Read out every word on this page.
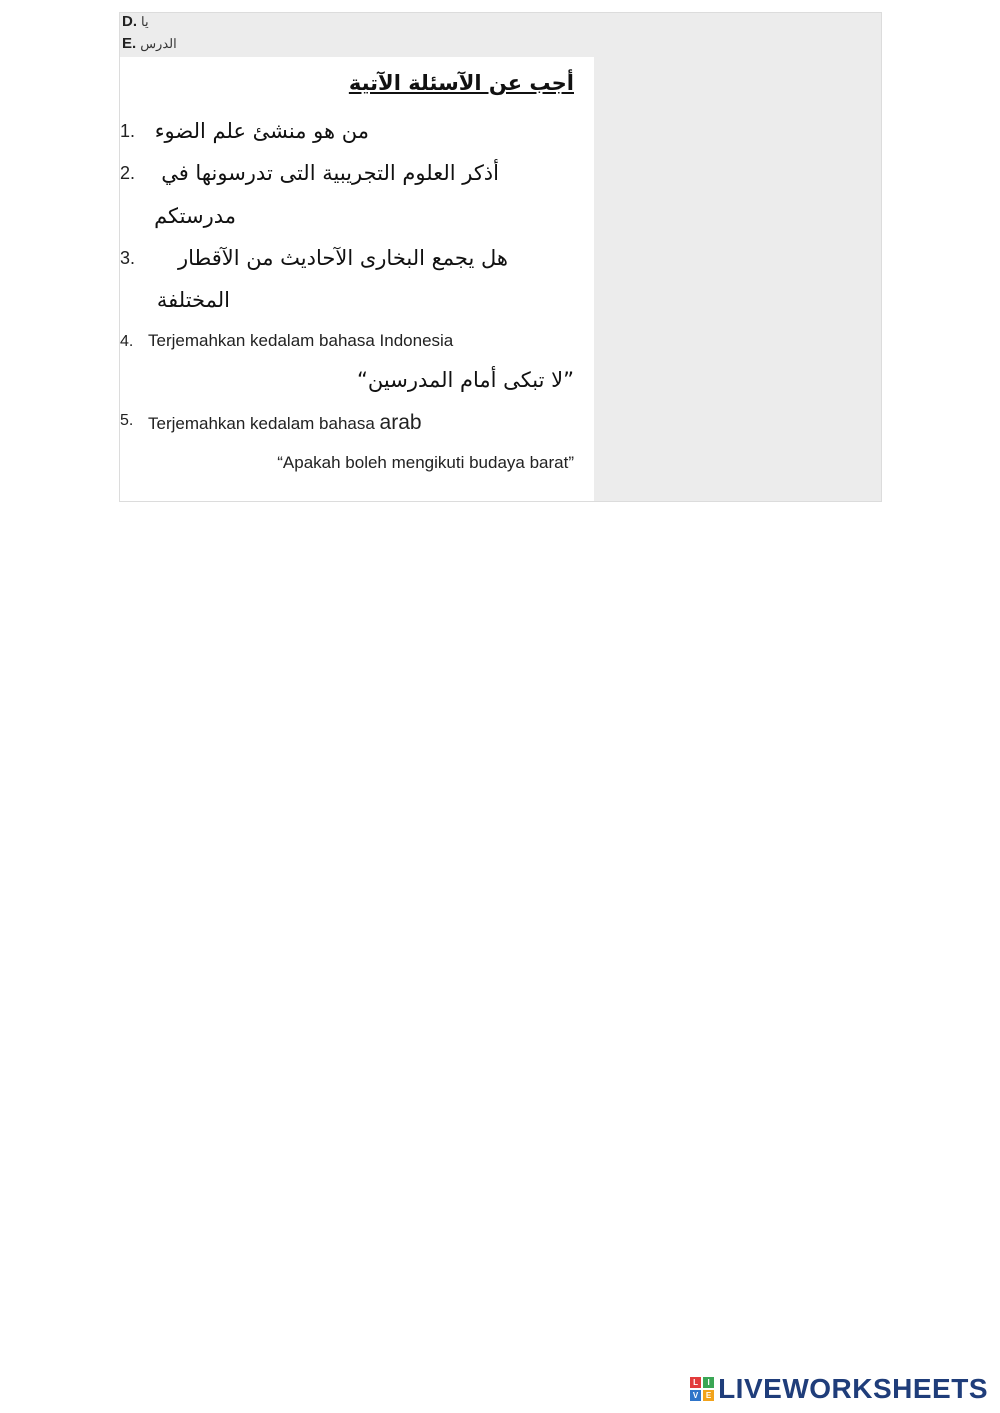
D. يا
E. الدرس
أجب عن الآسئلة الآتية
1. من هو منشئ علم الضوء
2. أذكر العلوم التجريبية التى تدرسونها في
مدرستكم
3. هل يجمع البخارى الآحاديث من الآقطار
المختلفة
4. Terjemahkan kedalam bahasa Indonesia
”لا تبكى أمام المدرسين“
5. Terjemahkan kedalam bahasa arab
“Apakah boleh mengikuti budaya barat”
L	I
V E LIVEWORKSHEETS
